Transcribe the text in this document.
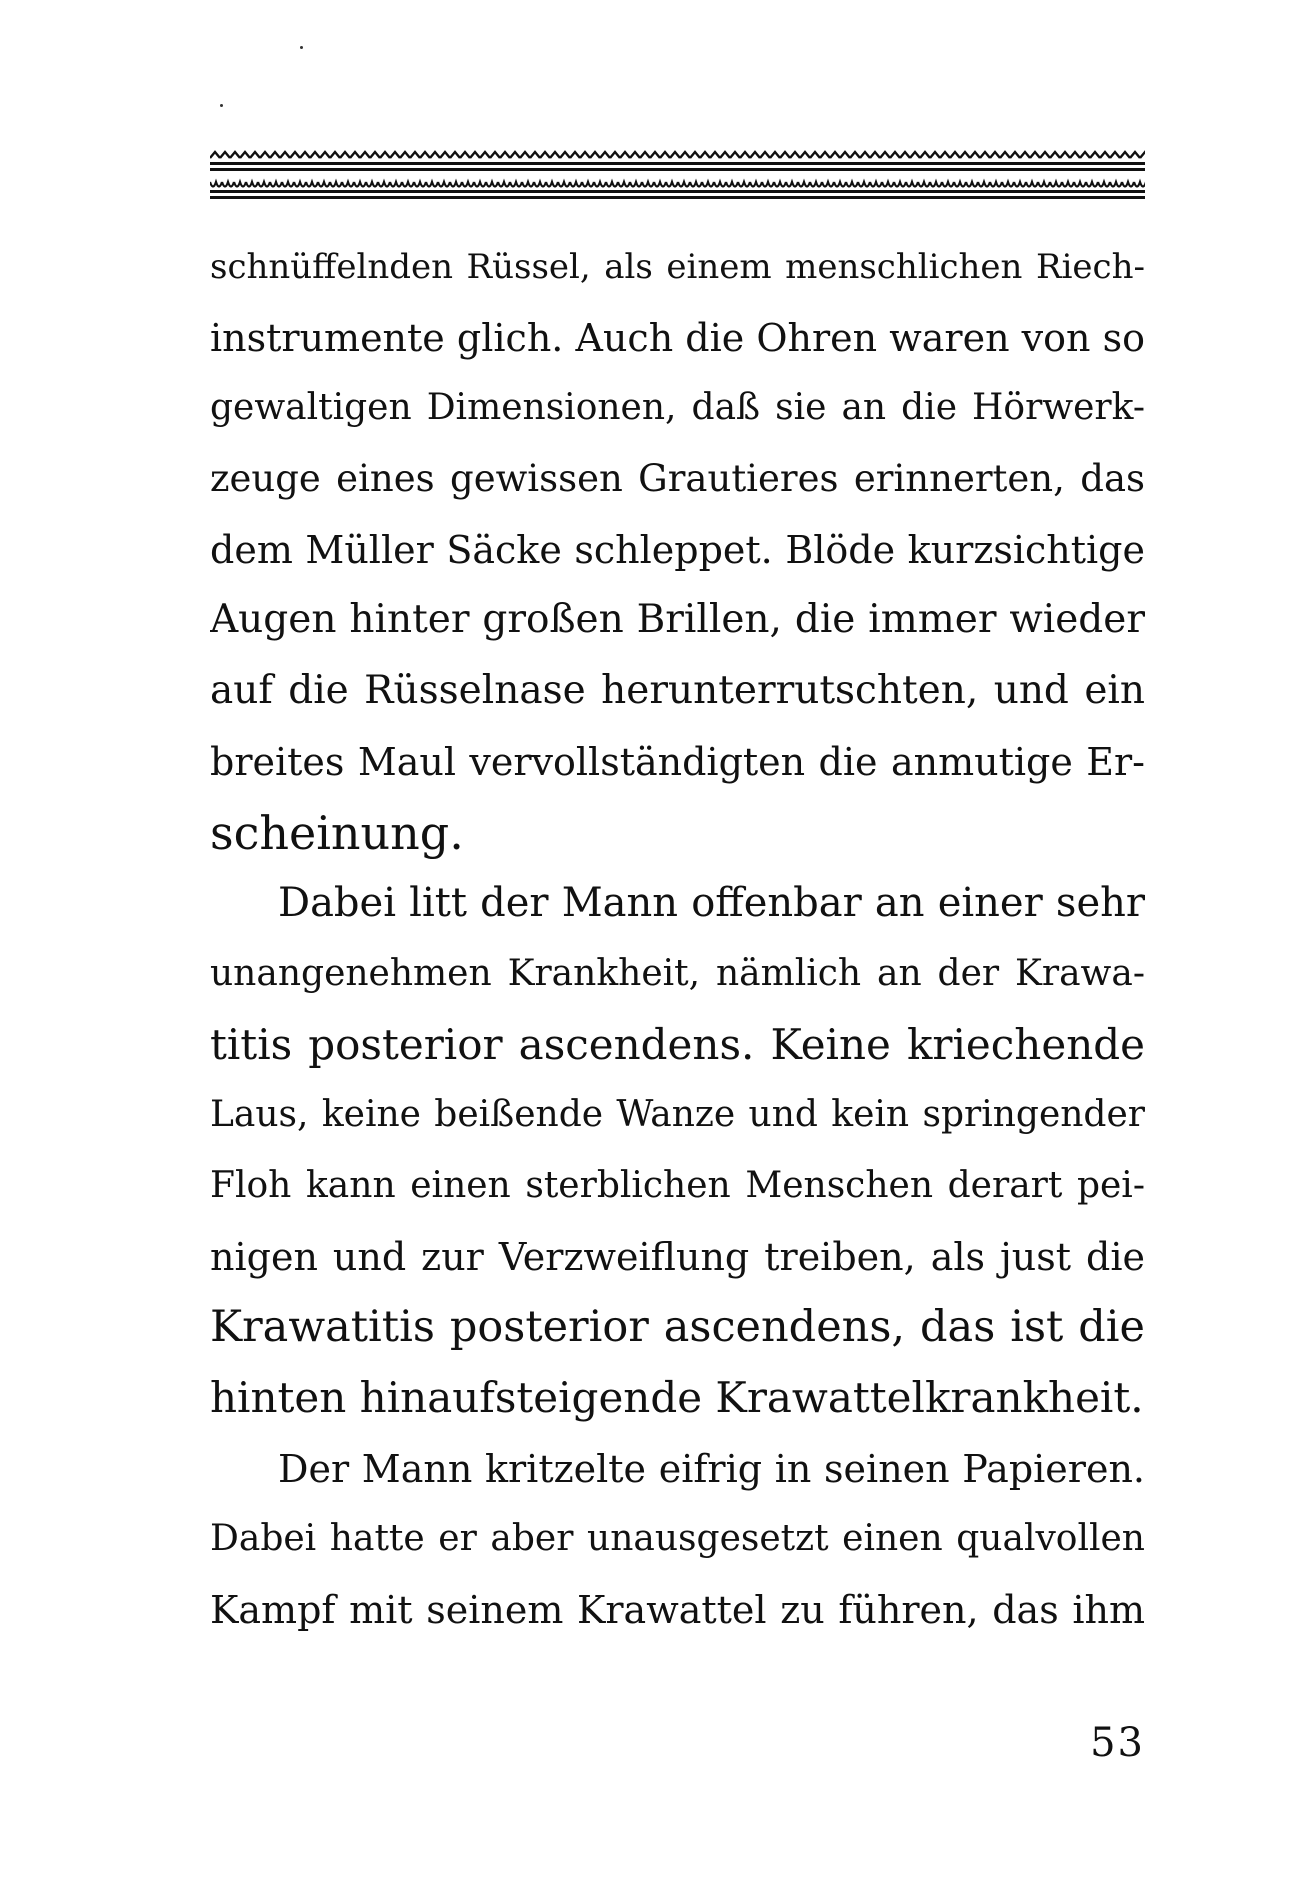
schnüffelnden Rüssel, als einem menschlichen Riech-
instrumente glich. Auch die Ohren waren von so
gewaltigen Dimensionen, daß sie an die Hörwerk-
zeuge eines gewissen Grautieres erinnerten, das
dem Müller Säcke schleppet. Blöde kurzsichtige
Augen hinter großen Brillen, die immer wieder
auf die Rüsselnase herunterrutschten, und ein
breites Maul vervollständigten die anmutige Er-
scheinung.
Dabei litt der Mann offenbar an einer sehr
unangenehmen Krankheit, nämlich an der Krawa-
titis posterior ascendens. Keine kriechende
Laus, keine beißende Wanze und kein springender
Floh kann einen sterblichen Menschen derart pei-
nigen und zur Verzweiflung treiben, als just die
Krawatitis posterior ascendens, das ist die
hinten hinaufsteigende Krawattelkrankheit.
Der Mann kritzelte eifrig in seinen Papieren.
Dabei hatte er aber unausgesetzt einen qualvollen
Kampf mit seinem Krawattel zu führen, das ihm
53
